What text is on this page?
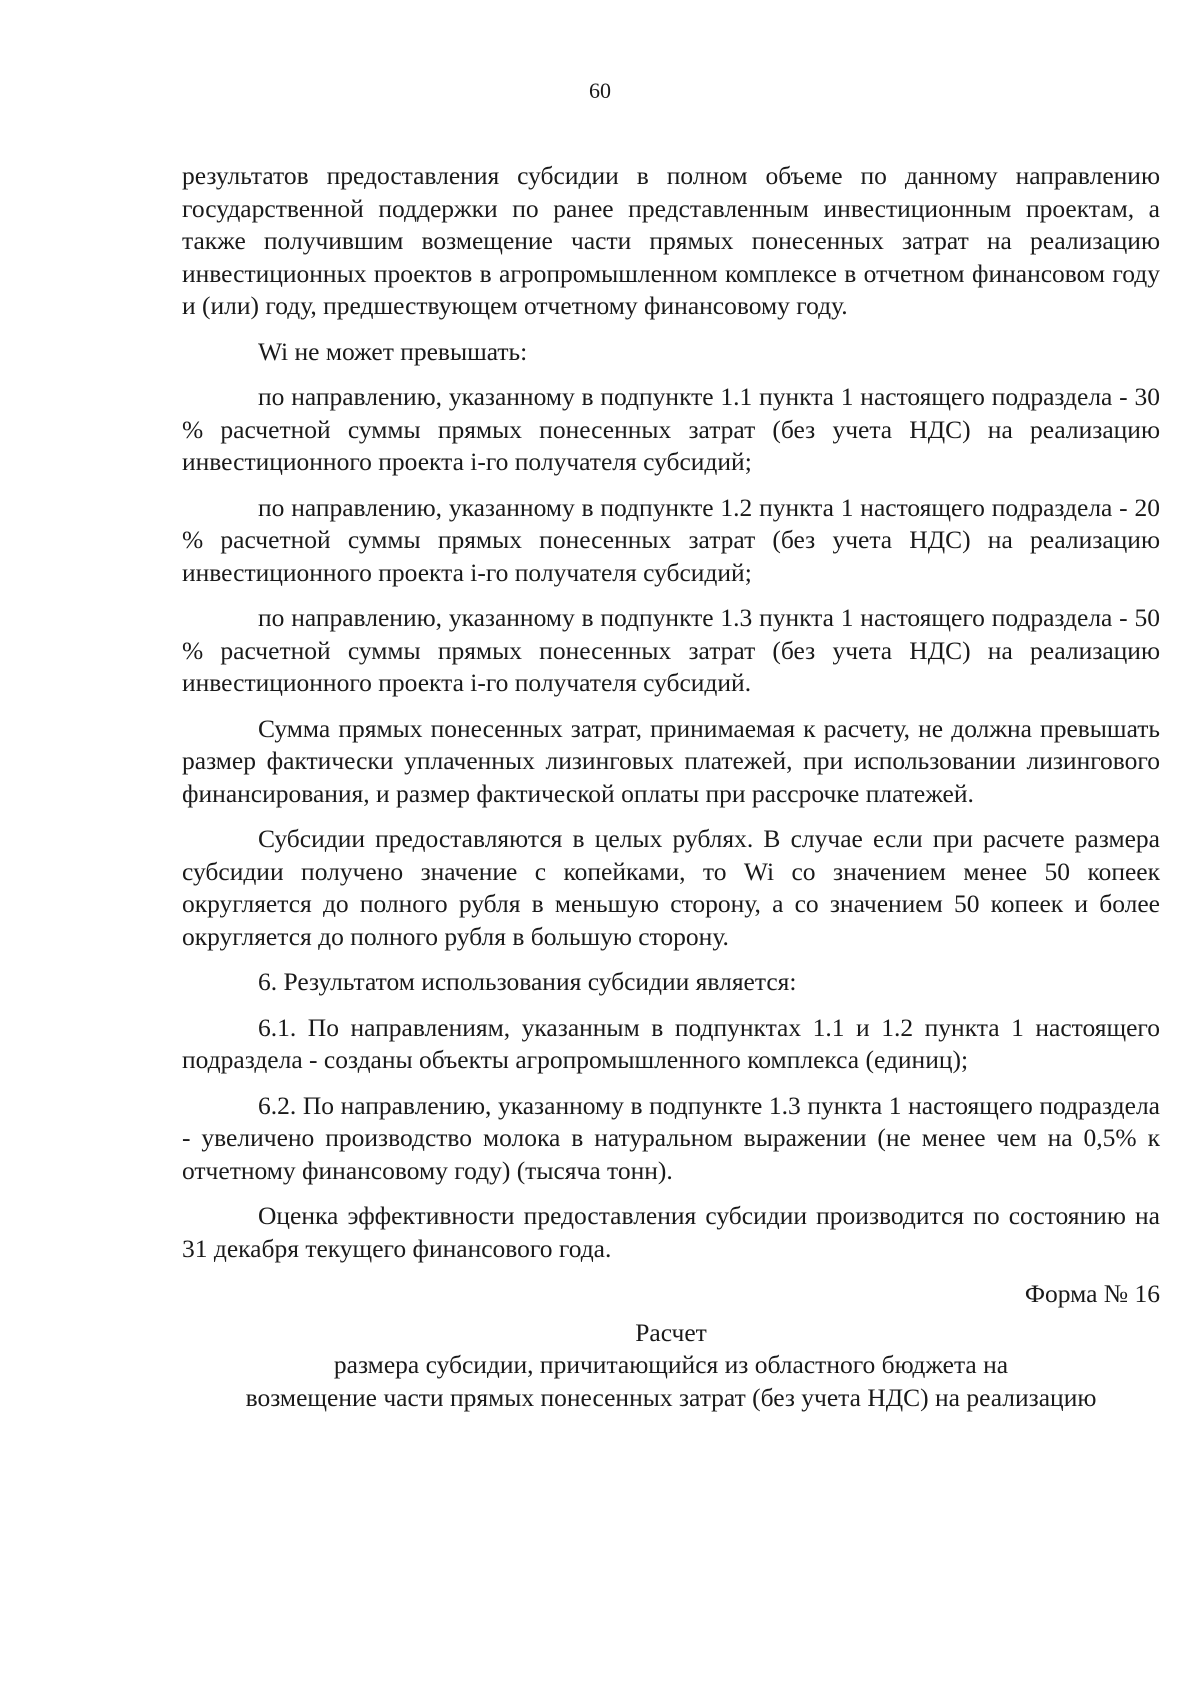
60

результатов предоставления субсидии в полном объеме по данному направлению государственной поддержки по ранее представленным инвестиционным проектам, а также получившим возмещение части прямых понесенных затрат на реализацию инвестиционных проектов в агропромышленном комплексе в отчетном финансовом году и (или) году, предшествующем отчетному финансовому году.

Wi не может превышать:

по направлению, указанному в подпункте 1.1 пункта 1 настоящего подраздела - 30 % расчетной суммы прямых понесенных затрат (без учета НДС) на реализацию инвестиционного проекта i-го получателя субсидий;

по направлению, указанному в подпункте 1.2 пункта 1 настоящего подраздела - 20 % расчетной суммы прямых понесенных затрат (без учета НДС) на реализацию инвестиционного проекта i-го получателя субсидий;

по направлению, указанному в подпункте 1.3 пункта 1 настоящего подраздела - 50 % расчетной суммы прямых понесенных затрат (без учета НДС) на реализацию инвестиционного проекта i-го получателя субсидий.

Сумма прямых понесенных затрат, принимаемая к расчету, не должна превышать размер фактически уплаченных лизинговых платежей, при использовании лизингового финансирования, и размер фактической оплаты при рассрочке платежей.

Субсидии предоставляются в целых рублях. В случае если при расчете размера субсидии получено значение с копейками, то Wi со значением менее 50 копеек округляется до полного рубля в меньшую сторону, а со значением 50 копеек и более округляется до полного рубля в большую сторону.

6. Результатом использования субсидии является:

6.1. По направлениям, указанным в подпунктах 1.1 и 1.2 пункта 1 настоящего подраздела - созданы объекты агропромышленного комплекса (единиц);

6.2. По направлению, указанному в подпункте 1.3 пункта 1 настоящего подраздела - увеличено производство молока в натуральном выражении (не менее чем на 0,5% к отчетному финансовому году) (тысяча тонн).

Оценка эффективности предоставления субсидии производится по состоянию на 31 декабря текущего финансового года.

Форма № 16
Расчет
размера субсидии, причитающийся из областного бюджета на
возмещение части прямых понесенных затрат (без учета НДС) на реализацию
